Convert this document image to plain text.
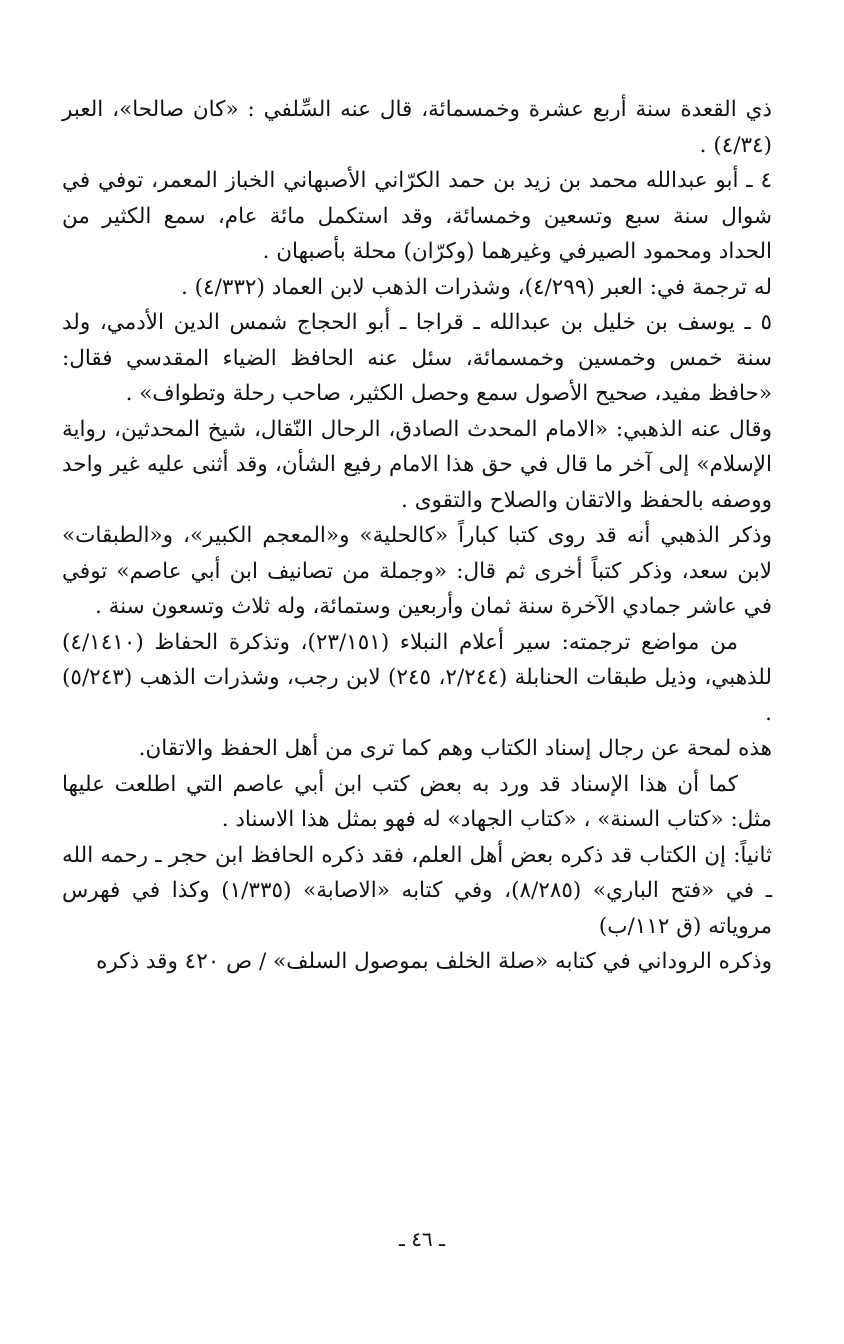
ذي القعدة سنة أربع عشرة وخمسمائة، قال عنه السِّلفي : «كان صالحا»، العبر (٤/٣٤) .

٤ ـ أبو عبدالله محمد بن زيد بن حمد الكرّاني الأصبهاني الخباز المعمر، توفي في شوال سنة سبع وتسعين وخمسائة، وقد استكمل مائة عام، سمع الكثير من الحداد ومحمود الصيرفي وغيرهما (وكرّان) محلة بأصبهان .

له ترجمة في: العبر (٤/٢٩٩)، وشذرات الذهب لابن العماد (٤/٣٣٢) .

٥ ـ يوسف بن خليل بن عبدالله ـ قراجا ـ أبو الحجاج شمس الدين الأدمي، ولد سنة خمس وخمسين وخمسمائة، سئل عنه الحافظ الضياء المقدسي فقال: «حافظ مفيد، صحيح الأصول سمع وحصل الكثير، صاحب رحلة وتطواف» .

وقال عنه الذهبي: «الامام المحدث الصادق، الرحال النّقال، شيخ المحدثين، رواية الإسلام» إلى آخر ما قال في حق هذا الامام رفيع الشأن، وقد أثنى عليه غير واحد ووصفه بالحفظ والاتقان والصلاح والتقوى .

وذكر الذهبي أنه قد روى كتبا كباراً «كالحلية» و«المعجم الكبير»، و«الطبقات» لابن سعد، وذكر كتباً أخرى ثم قال: «وجملة من تصانيف ابن أبي عاصم» توفي في عاشر جمادي الآخرة سنة ثمان وأربعين وستمائة، وله ثلاث وتسعون سنة .

من مواضع ترجمته: سير أعلام النبلاء (٢٣/١٥١)، وتذكرة الحفاظ (٤/١٤١٠) للذهبي، وذيل طبقات الحنابلة (٢/٢٤٤، ٢٤٥) لابن رجب، وشذرات الذهب (٥/٢٤٣) .

هذه لمحة عن رجال إسناد الكتاب وهم كما ترى من أهل الحفظ والاتقان.

كما أن هذا الإسناد قد ورد به بعض كتب ابن أبي عاصم التي اطلعت عليها مثل: «كتاب السنة» ، «كتاب الجهاد» له فهو بمثل هذا الاسناد .

ثانياً: إن الكتاب قد ذكره بعض أهل العلم، فقد ذكره الحافظ ابن حجر ـ رحمه الله ـ في «فتح الباري» (٨/٢٨٥)، وفي كتابه «الاصابة» (١/٣٣٥) وكذا في فهرس مروياته (ق ١١٢/ب)

وذكره الروداني في كتابه «صلة الخلف بموصول السلف» / ص ٤٢٠ وقد ذكره

ـ ٤٦ ـ
